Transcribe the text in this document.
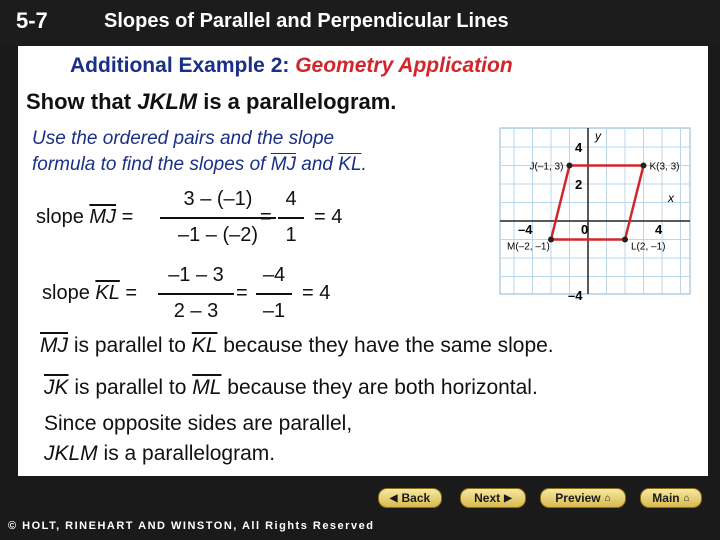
5-7	Slopes of Parallel and Perpendicular Lines
Additional Example 2: Geometry Application
Show that JKLM is a parallelogram.
Use the ordered pairs and the slope
formula to find the slopes of $\overline{MJ}$ and $\overline{KL}$.
slope $\overline{MJ}$ =
3 – (–1)
–1 – (–2)
=
4
1
= 4
slope $\overline{KL}$ =
–1 – 3
2 – 3
=
–4
–1
= 4
J(–1, 3)	K(3, 3)
L(2, –1)
M(–2, –1)
x
y
–4	0	4
4
2
–4
$\overline{MJ}$ is parallel to $\overline{KL}$ because they have the same slope.
$\overline{JK}$ is parallel to $\overline{ML}$ because they are both horizontal.
Since opposite sides are parallel,
JKLM is a parallelogram.
◀ Back	Next ▶	Preview ⌂	Main ⌂
© HOLT, RINEHART AND WINSTON, All Rights Reserved
